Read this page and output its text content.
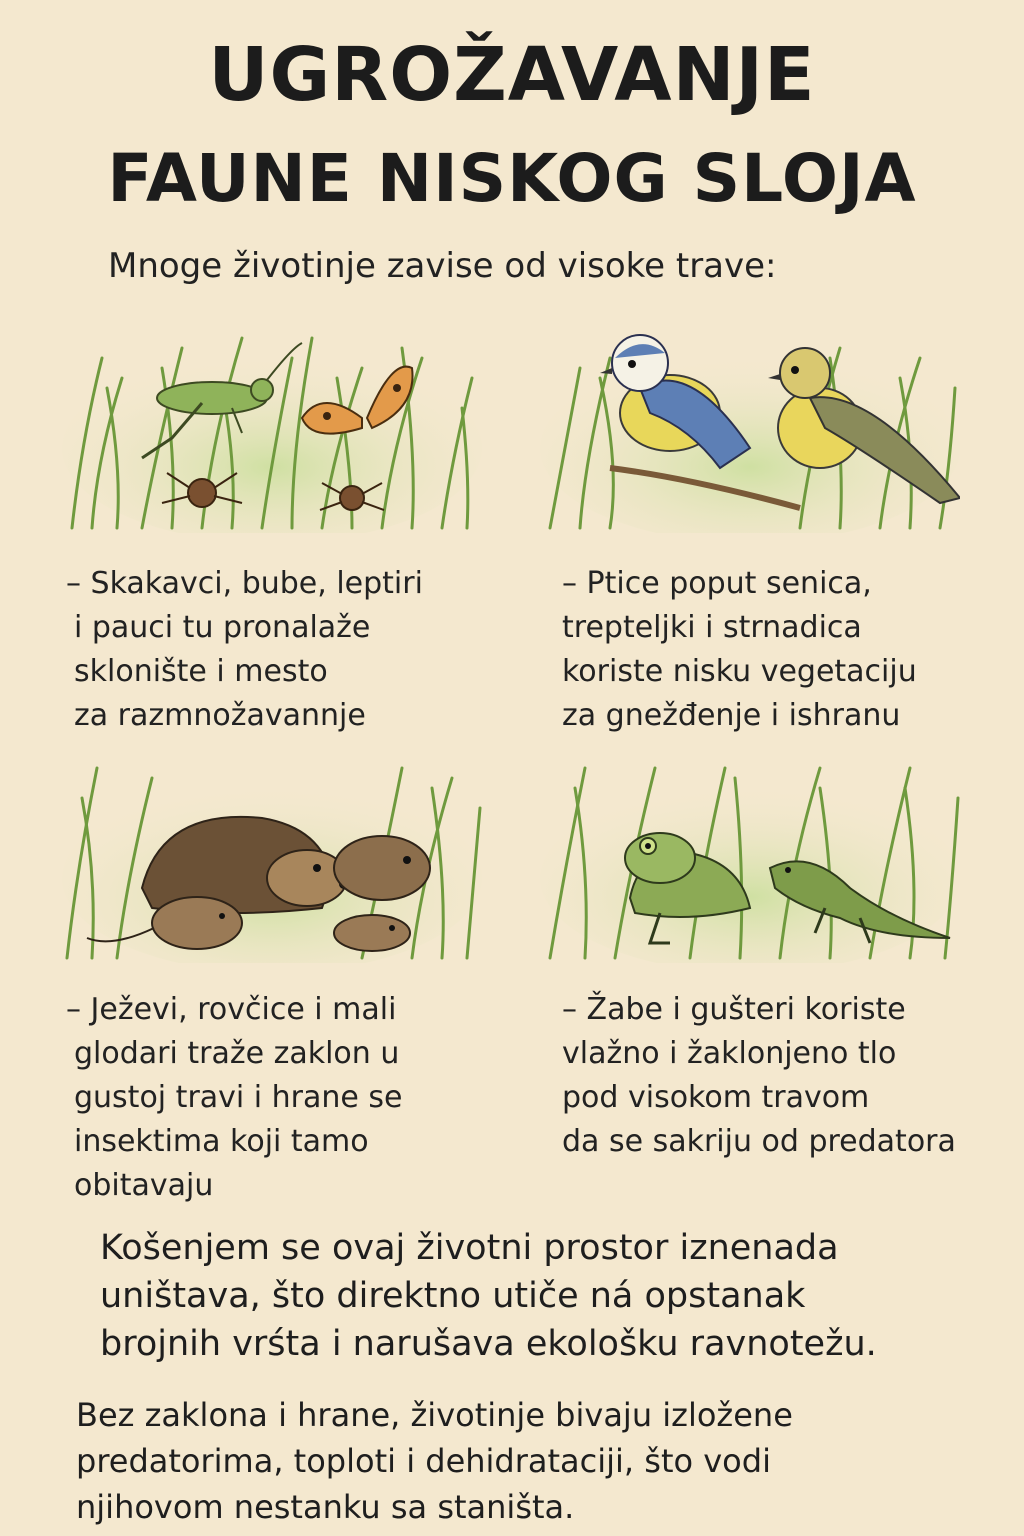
UGROŽAVANJE
FAUNE NISKOG SLOJA
Mnoge životinje zavise od visoke trave:
– Skakavci, bube, leptiri
i pauci tu pronalaže
sklonište i mesto
za razmnožavannje
– Ptice poput senica,
trepteljki i strnadica
koriste nisku vegetaciju
za gnežđenje i ishranu
– Ježevi, rovčice i mali
glodari traže zaklon u
gustoj travi i hrane se
insektima koji tamo
obitavaju
– Žabe i gušteri koriste
vlažno i žaklonjeno tlo
pod visokom travom
da se sakriju od predatora
Košenjem se ovaj životni prostor iznenada
uništava, što direktno utiče ná opstanak
brojnih vrśta i narušava ekološku ravnotežu.
Bez zaklona i hrane, životinje bivaju izložene
predatorima, toploti i dehidrataciji, što vodi
njihovom nestanku sa staništa.
